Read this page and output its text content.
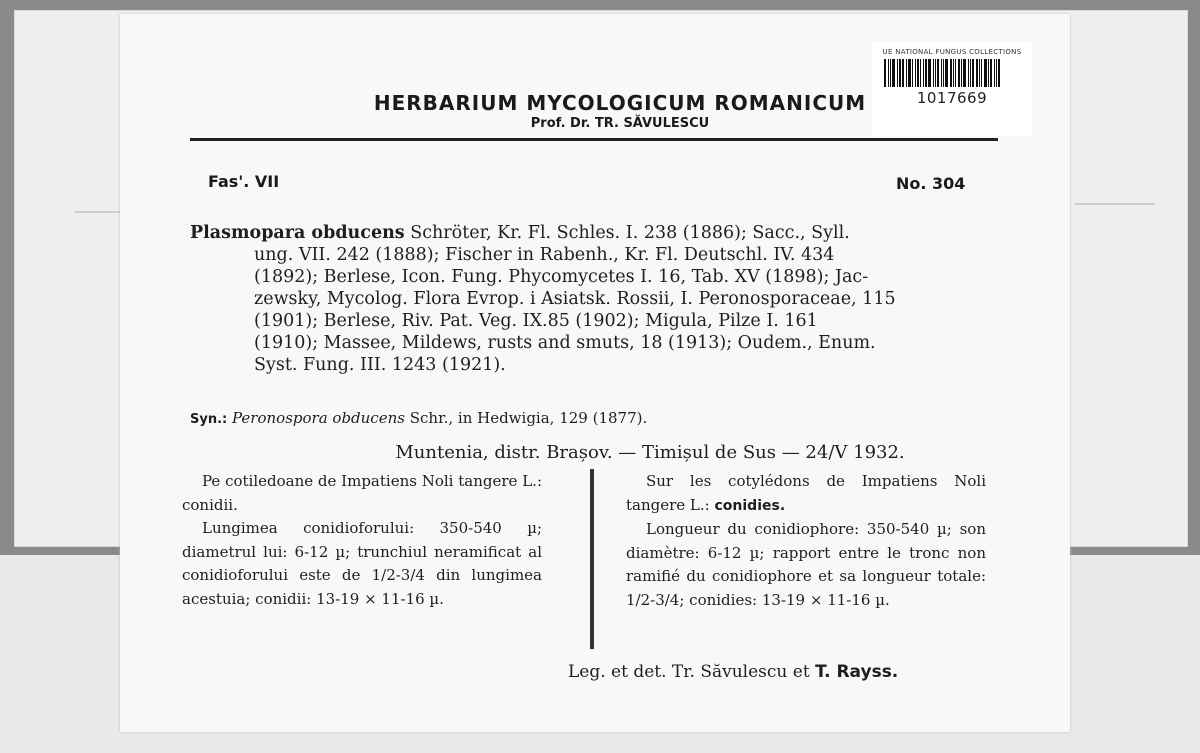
HERBARIUM MYCOLOGICUM ROMANICUM
Prof. Dr. TR. SĂVULESCU
UE NATIONAL FUNGUS COLLECTIONS
1017669
Fas'. VII	No. 304
Plasmopara obducens Schröter, Kr. Fl. Schles. I. 238 (1886); Sacc., Syll.
ung. VII. 242 (1888); Fischer in Rabenh., Kr. Fl. Deutschl. IV. 434
(1892); Berlese, Icon. Fung. Phycomycetes I. 16, Tab. XV (1898); Jac-
zewsky, Mycolog. Flora Evrop. i Asiatsk. Rossii, I. Peronosporaceae, 115
(1901); Berlese, Riv. Pat. Veg. IX.85 (1902); Migula, Pilze I. 161
(1910); Massee, Mildews, rusts and smuts, 18 (1913); Oudem., Enum.
Syst. Fung. III. 1243 (1921).
Syn.: Peronospora obducens Schr., in Hedwigia, 129 (1877).
Muntenia, distr. Brașov. — Timișul de Sus — 24/V 1932.

Pe cotiledoane de Impatiens Noli tangere L.: conidii.

Lungimea conidioforului: 350-540 µ; diametrul lui: 6-12 µ; trunchiul neramificat al conidioforului este de 1/2-3/4 din lungimea acestuia; conidii: 13-19 × 11-16 µ.

Sur les cotylédons de Impatiens Noli tangere L.: conidies.

Longueur du conidiophore: 350-540 µ; son diamètre: 6-12 µ; rapport entre le tronc non ramifié du conidiophore et sa longueur totale: 1/2-3/4; conidies: 13-19 × 11-16 µ.

Leg. et det. Tr. Săvulescu et T. Rayss.
